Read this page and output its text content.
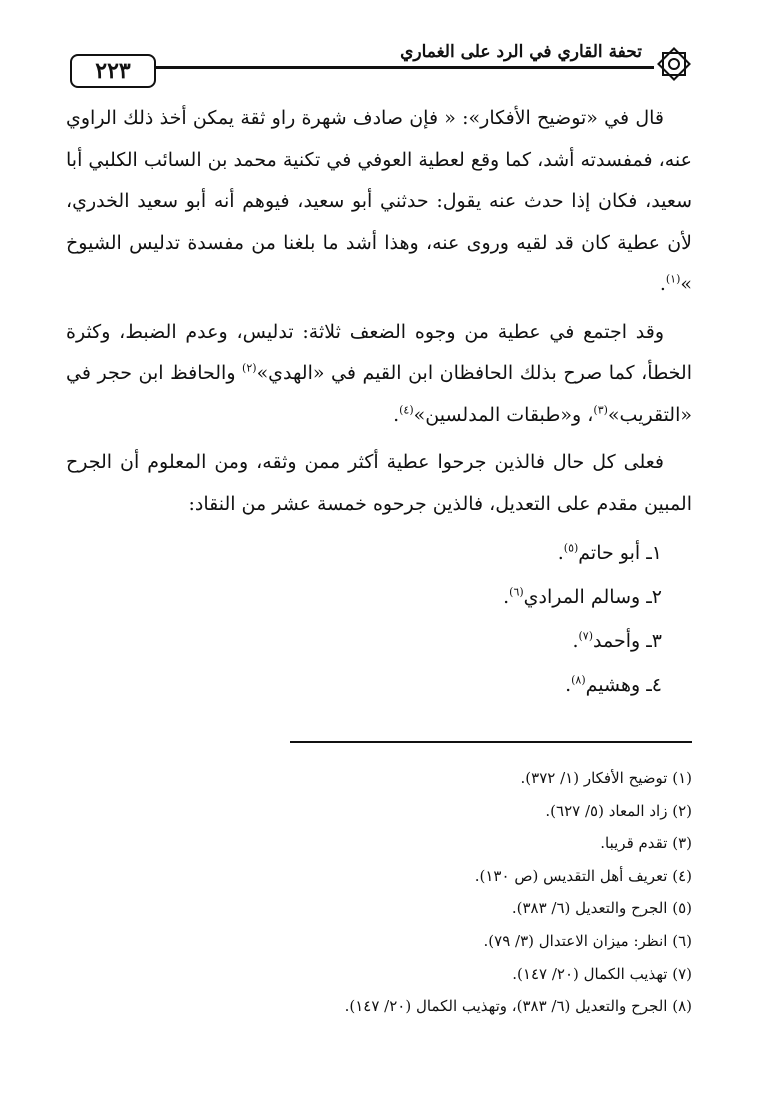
٢٢٣
تحفة القاري في الرد على الغماري

قال في «توضيح الأفكار»: « فإن صادف شهرة راو ثقة يمكن أخذ ذلك الراوي عنه، فمفسدته أشد، كما وقع لعطية العوفي في تكنية محمد بن السائب الكلبي أبا سعيد، فكان إذا حدث عنه يقول: حدثني أبو سعيد، فيوهم أنه أبو سعيد الخدري، لأن عطية كان قد لقيه وروى عنه، وهذا أشد ما بلغنا من مفسدة تدليس الشيوخ »$^{(١)}$.

وقد اجتمع في عطية من وجوه الضعف ثلاثة: تدليس، وعدم الضبط، وكثرة الخطأ، كما صرح بذلك الحافظان ابن القيم في «الهدي»$^{(٢)}$ والحافظ ابن حجر في «التقريب»$^{(٣)}$، و«طبقات المدلسين»$^{(٤)}$.

فعلى كل حال فالذين جرحوا عطية أكثر ممن وثقه، ومن المعلوم أن الجرح المبين مقدم على التعديل، فالذين جرحوه خمسة عشر من النقاد:

١ـ أبو حاتم$^{(٥)}$.
٢ـ وسالم المرادي$^{(٦)}$.
٣ـ وأحمد$^{(٧)}$.
٤ـ وهشيم$^{(٨)}$.
(١) توضيح الأفكار (١/ ٣٧٢).
(٢) زاد المعاد (٥/ ٦٢٧).
(٣) تقدم قريبا.
(٤) تعريف أهل التقديس (ص ١٣٠).
(٥) الجرح والتعديل (٦/ ٣٨٣).
(٦) انظر: ميزان الاعتدال (٣/ ٧٩).
(٧) تهذيب الكمال (٢٠/ ١٤٧).
(٨) الجرح والتعديل (٦/ ٣٨٣)، وتهذيب الكمال (٢٠/ ١٤٧).
